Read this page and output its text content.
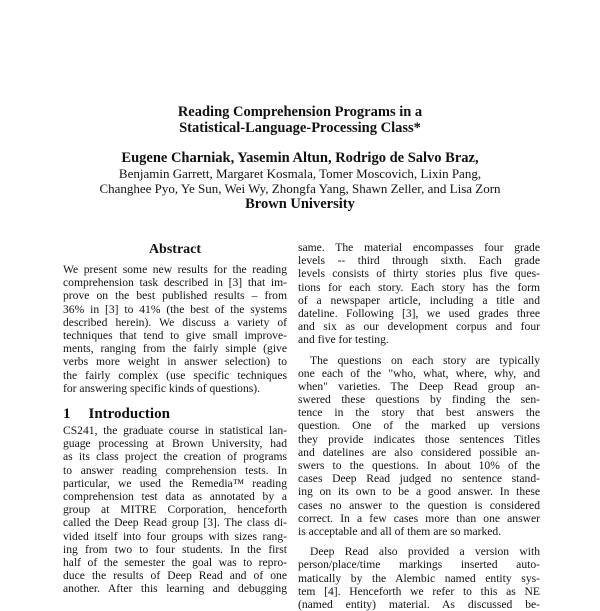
Reading Comprehension Programs in a
Statistical-Language-Processing Class*
Eugene Charniak, Yasemin Altun, Rodrigo de Salvo Braz,
Benjamin Garrett, Margaret Kosmala, Tomer Moscovich, Lixin Pang,
Changhee Pyo, Ye Sun, Wei Wy, Zhongfa Yang, Shawn Zeller, and Lisa Zorn
Brown University
Abstract
We present some new results for the reading
comprehension task described in [3] that im-
prove on the best published results – from
36% in [3] to 41% (the best of the systems
described herein). We discuss a variety of
techniques that tend to give small improve-
ments, ranging from the fairly simple (give
verbs more weight in answer selection) to
the fairly complex (use specific techniques
for answering specific kinds of questions).
1 Introduction
CS241, the graduate course in statistical lan-
guage processing at Brown University, had
as its class project the creation of programs
to answer reading comprehension tests. In
particular, we used the Remedia™ reading
comprehension test data as annotated by a
group at MITRE Corporation, henceforth
called the Deep Read group [3]. The class di-
vided itself into four groups with sizes rang-
ing from two to four students. In the first
half of the semester the goal was to repro-
duce the results of Deep Read and of one
another. After this learning and debugging
same. The material encompasses four grade
levels -- third through sixth. Each grade
levels consists of thirty stories plus five ques-
tions for each story. Each story has the form
of a newspaper article, including a title and
dateline. Following [3], we used grades three
and six as our development corpus and four
and five for testing.
The questions on each story are typically
one each of the "who, what, where, why, and
when" varieties. The Deep Read group an-
swered these questions by finding the sen-
tence in the story that best answers the
question. One of the marked up versions
they provide indicates those sentences Titles
and datelines are also considered possible an-
swers to the questions. In about 10% of the
cases Deep Read judged no sentence stand-
ing on its own to be a good answer. In these
cases no answer to the question is considered
correct. In a few cases more than one answer
is acceptable and all of them are so marked.
Deep Read also provided a version with
person/place/time markings inserted auto-
matically by the Alembic named entity sys-
tem [4]. Henceforth we refer to this as NE
(named entity) material. As discussed be-
